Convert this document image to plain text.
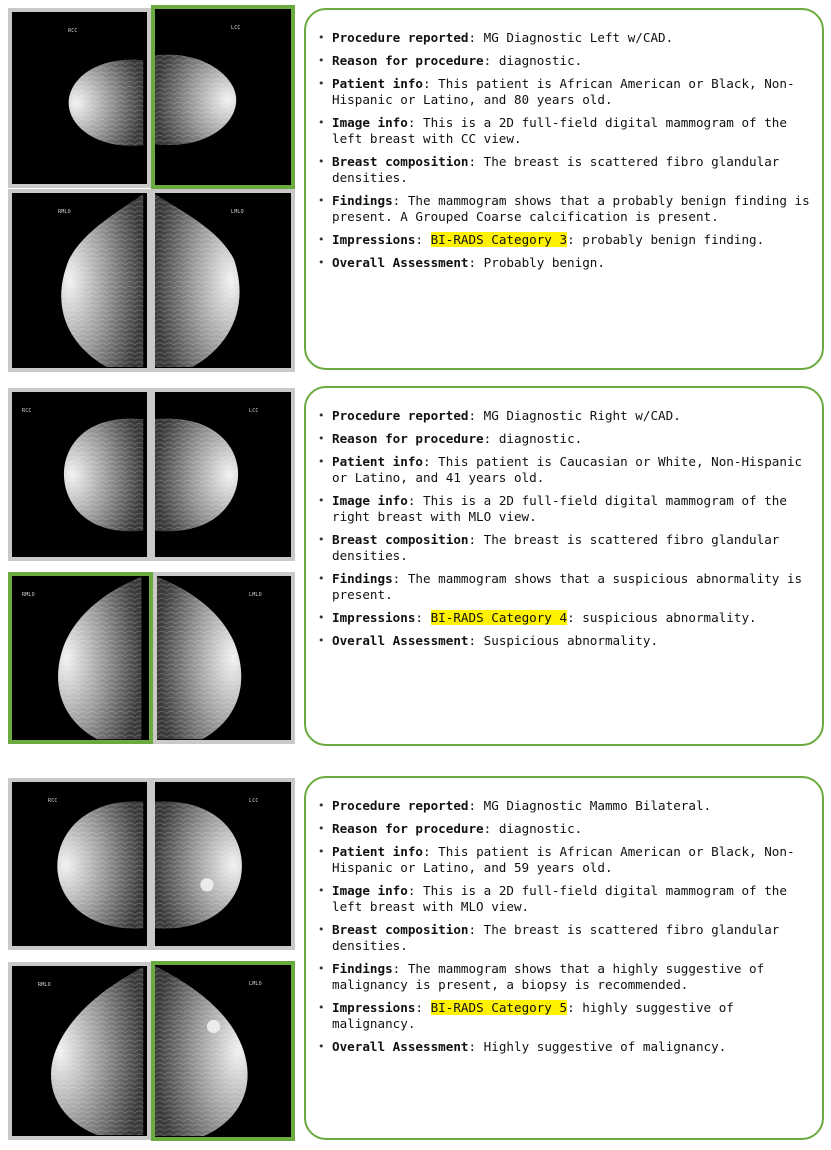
RCC	LCC
RMLO	LMLO
• Procedure reported: MG Diagnostic Left w/CAD.
• Reason for procedure: diagnostic.
• Patient info: This patient is African American or Black, Non-Hispanic or Latino, and 80 years old.
• Image info: This is a 2D full-field digital mammogram of the left breast with CC view.
• Breast composition: The breast is scattered fibro glandular densities.
• Findings: The mammogram shows that a probably benign finding is present. A Grouped Coarse calcification is present.
• Impressions: BI-RADS Category 3: probably benign finding.
• Overall Assessment: Probably benign.
RCC	LCC
RMLO	LMLO
• Procedure reported: MG Diagnostic Right w/CAD.
• Reason for procedure: diagnostic.
• Patient info: This patient is Caucasian or White, Non-Hispanic or Latino, and 41 years old.
• Image info: This is a 2D full-field digital mammogram of the right breast with MLO view.
• Breast composition: The breast is scattered fibro glandular densities.
• Findings: The mammogram shows that a suspicious abnormality is present.
• Impressions: BI-RADS Category 4: suspicious abnormality.
• Overall Assessment: Suspicious abnormality.
RCC	LCC
RMLO	LMLO
• Procedure reported: MG Diagnostic Mammo Bilateral.
• Reason for procedure: diagnostic.
• Patient info: This patient is African American or Black, Non-Hispanic or Latino, and 59 years old.
• Image info: This is a 2D full-field digital mammogram of the left breast with MLO view.
• Breast composition: The breast is scattered fibro glandular densities.
• Findings: The mammogram shows that a highly suggestive of malignancy is present, a biopsy is recommended.
• Impressions: BI-RADS Category 5: highly suggestive of malignancy.
• Overall Assessment: Highly suggestive of malignancy.
